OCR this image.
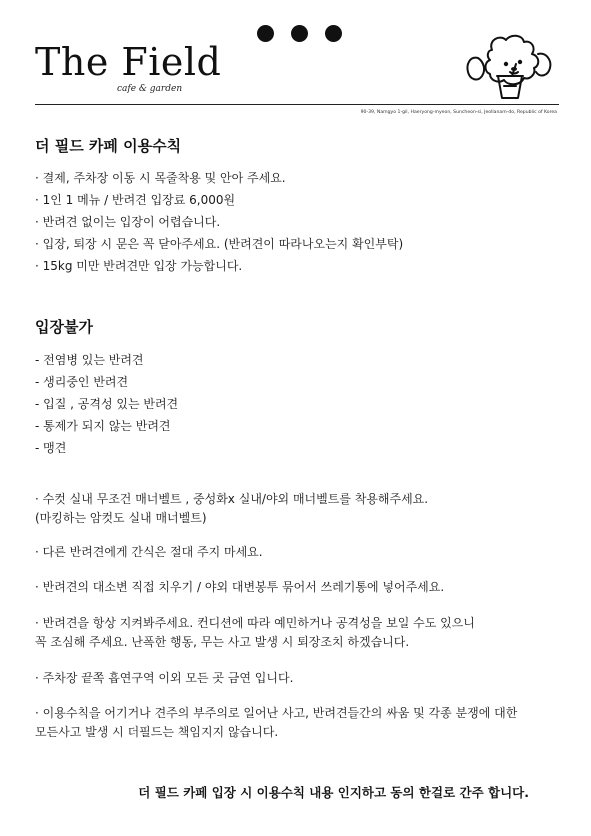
The Field
cafe & garden
90-39, Namgyo 1-gil, Haeryong-myeon, Suncheon-si, Jeollanam-do, Republic of Korea
더 필드 카페 이용수칙
· 결제, 주차장 이동 시 목줄착용 및 안아 주세요.
· 1인 1 메뉴 / 반려견 입장료 6,000원
· 반려견 없이는 입장이 어렵습니다.
· 입장, 퇴장 시 문은 꼭 닫아주세요. (반려견이 따라나오는지 확인부탁)
· 15kg 미만 반려견만 입장 가능합니다.
입장불가
- 전염병 있는 반려견
- 생리중인 반려견
- 입질 , 공격성 있는 반려견
- 통제가 되지 않는 반려견
- 맹견

· 수컷 실내 무조건 매너벨트 , 중성화x 실내/야외 매너벨트를 착용해주세요.
(마킹하는 암컷도 실내 매너벨트)

· 다른 반려견에게 간식은 절대 주지 마세요.

· 반려견의 대소변 직접 치우기 / 야외 대변봉투 묶어서 쓰레기통에 넣어주세요.

· 반려견을 항상 지켜봐주세요. 컨디션에 따라 예민하거나 공격성을 보일 수도 있으니
꼭 조심해 주세요. 난폭한 행동, 무는 사고 발생 시 퇴장조치 하겠습니다.

· 주차장 끝쪽 흡연구역 이외 모든 곳 금연 입니다.

· 이용수칙을 어기거나 견주의 부주의로 일어난 사고, 반려견들간의 싸움 및 각종 분쟁에 대한
모든사고 발생 시 더필드는 책임지지 않습니다.

더 필드 카페 입장 시 이용수칙 내용 인지하고 동의 한걸로 간주 합니다.
